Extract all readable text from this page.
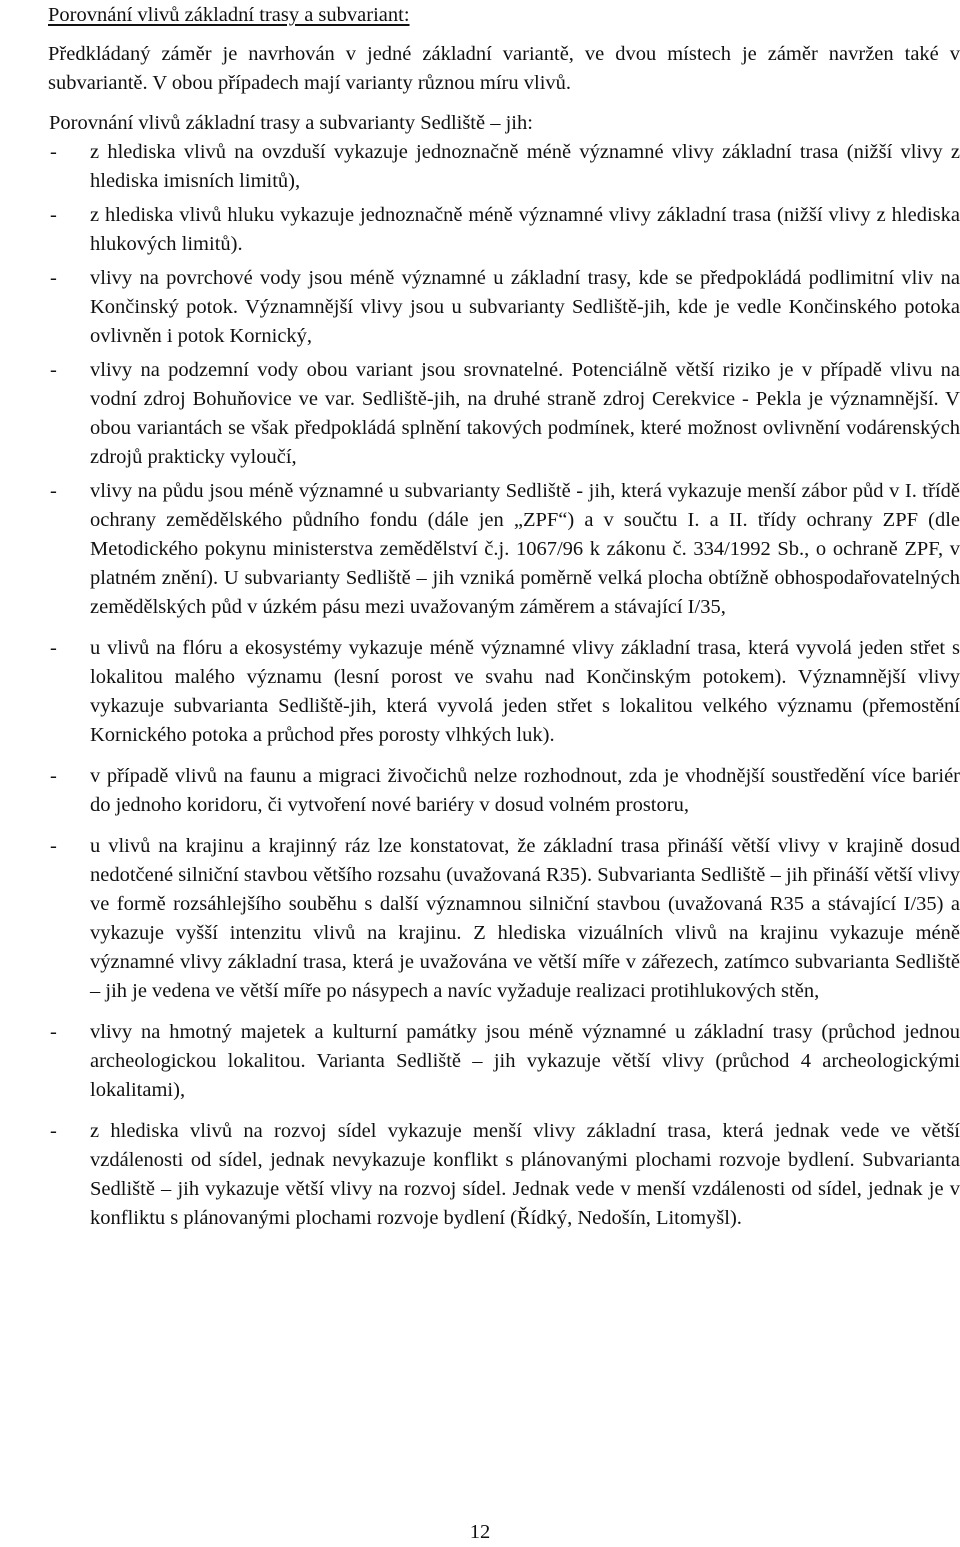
Porovnání vlivů základní trasy a subvariant:
Předkládaný záměr je navrhován v jedné základní variantě, ve dvou místech je záměr navržen také v subvariantě. V obou případech mají varianty různou míru vlivů.
Porovnání vlivů základní trasy a subvarianty Sedliště – jih:
- z hlediska vlivů na ovzduší vykazuje jednoznačně méně významné vlivy základní trasa (nižší vlivy z hlediska imisních limitů),
- z hlediska vlivů hluku vykazuje jednoznačně méně významné vlivy základní trasa (nižší vlivy z hlediska hlukových limitů).
- vlivy na povrchové vody jsou méně významné u základní trasy, kde se předpokládá podlimitní vliv na Končinský potok. Významnější vlivy jsou u subvarianty Sedliště-jih, kde je vedle Končinského potoka ovlivněn i potok Kornický,
- vlivy na podzemní vody obou variant jsou srovnatelné. Potenciálně větší riziko je v případě vlivu na vodní zdroj Bohuňovice ve var. Sedliště-jih, na druhé straně zdroj Cerekvice - Pekla je významnější. V obou variantách se však předpokládá splnění takových podmínek, které možnost ovlivnění vodárenských zdrojů prakticky vyloučí,
- vlivy na půdu jsou méně významné u subvarianty Sedliště - jih, která vykazuje menší zábor půd v I. třídě ochrany zemědělského půdního fondu (dále jen „ZPF“) a v součtu I. a II. třídy ochrany ZPF (dle Metodického pokynu ministerstva zemědělství č.j. 1067/96 k zákonu č. 334/1992 Sb., o ochraně ZPF, v platném znění). U subvarianty Sedliště – jih vzniká poměrně velká plocha obtížně obhospodařovatelných zemědělských půd v úzkém pásu mezi uvažovaným záměrem a stávající I/35,
- u vlivů na flóru a ekosystémy vykazuje méně významné vlivy základní trasa, která vyvolá jeden střet s lokalitou malého významu (lesní porost ve svahu nad Končinským potokem). Významnější vlivy vykazuje subvarianta Sedliště-jih, která vyvolá jeden střet s lokalitou velkého významu (přemostění Kornického potoka a průchod přes porosty vlhkých luk).
- v případě vlivů na faunu a migraci živočichů nelze rozhodnout, zda je vhodnější soustředění více bariér do jednoho koridoru, či vytvoření nové bariéry v dosud volném prostoru,
- u vlivů na krajinu a krajinný ráz lze konstatovat, že základní trasa přináší větší vlivy v krajině dosud nedotčené silniční stavbou většího rozsahu (uvažovaná R35). Subvarianta Sedliště – jih přináší větší vlivy ve formě rozsáhlejšího souběhu s další významnou silniční stavbou (uvažovaná R35 a stávající I/35) a vykazuje vyšší intenzitu vlivů na krajinu. Z hlediska vizuálních vlivů na krajinu vykazuje méně významné vlivy základní trasa, která je uvažována ve větší míře v zářezech, zatímco subvarianta Sedliště – jih je vedena ve větší míře po násypech a navíc vyžaduje realizaci protihlukových stěn,
- vlivy na hmotný majetek a kulturní památky jsou méně významné u základní trasy (průchod jednou archeologickou lokalitou. Varianta Sedliště – jih vykazuje větší vlivy (průchod 4 archeologickými lokalitami),
- z hlediska vlivů na rozvoj sídel vykazuje menší vlivy základní trasa, která jednak vede ve větší vzdálenosti od sídel, jednak nevykazuje konflikt s plánovanými plochami rozvoje bydlení. Subvarianta Sedliště – jih vykazuje větší vlivy na rozvoj sídel. Jednak vede v menší vzdálenosti od sídel, jednak je v konfliktu s plánovanými plochami rozvoje bydlení (Řídký, Nedošín, Litomyšl).
12
